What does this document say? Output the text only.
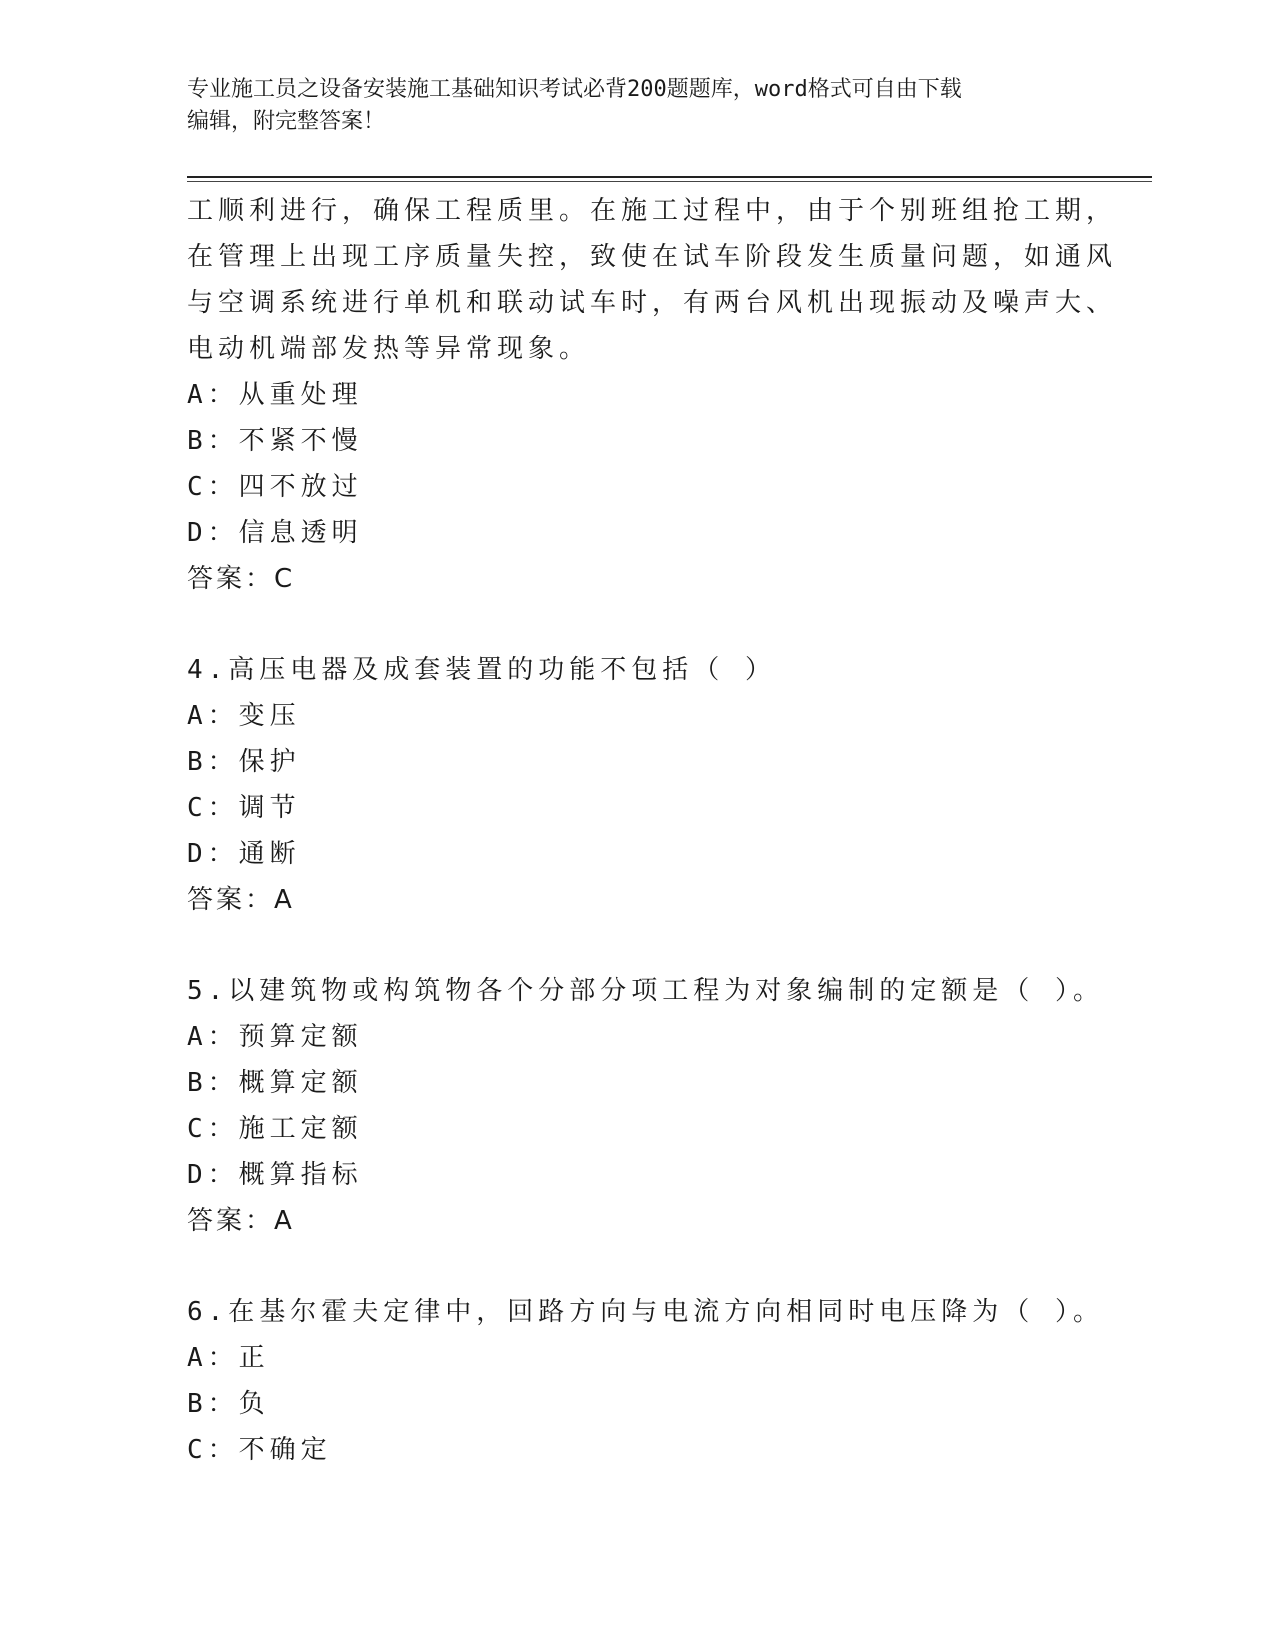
专业施工员之设备安装施工基础知识考试必背200题题库，word格式可自由下载
编辑，附完整答案！
工顺利进行，确保工程质里。在施工过程中，由于个别班组抢工期，
在管理上出现工序质量失控，致使在试车阶段发生质量问题，如通风
与空调系统进行单机和联动试车时，有两台风机出现振动及噪声大、
电动机端部发热等异常现象。
A：从重处理
B：不紧不慢
C：四不放过
D：信息透明
答案：C
4.高压电器及成套装置的功能不包括（ ）
A：变压
B：保护
C：调节
D：通断
答案：A
5.以建筑物或构筑物各个分部分项工程为对象编制的定额是（ ）。
A：预算定额
B：概算定额
C：施工定额
D：概算指标
答案：A
6.在基尔霍夫定律中，回路方向与电流方向相同时电压降为（ ）。
A：正
B：负
C：不确定
